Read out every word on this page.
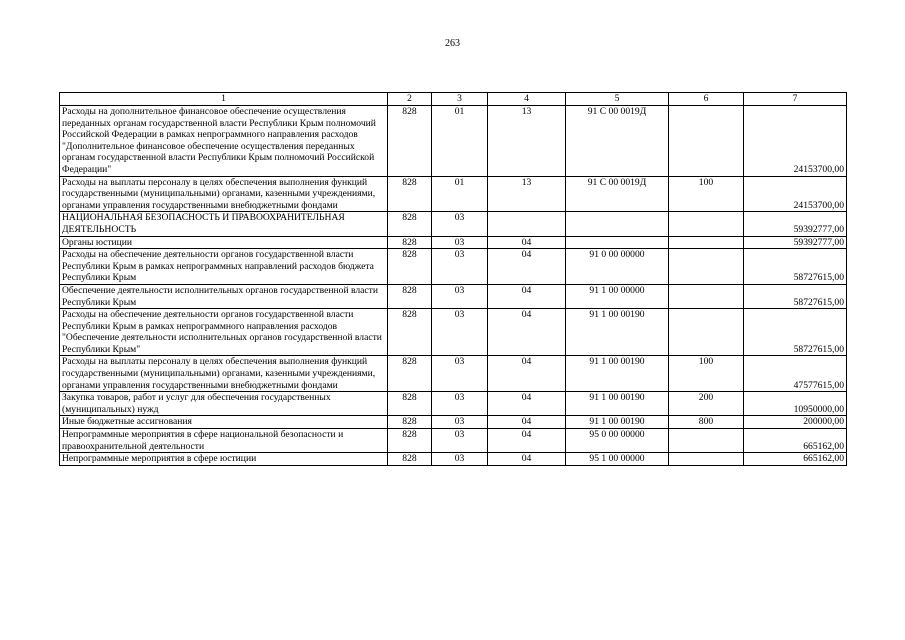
263
1	2	3	4	5	6	7
Расходы на дополнительное финансовое обеспечение осуществления переданных органам государственной власти Республики Крым полномочий Российской Федерации в рамках непрограммного направления расходов "Дополнительное финансовое обеспечение осуществления переданных органам государственной власти Республики Крым полномочий Российской Федерации"	828	01	13	91 С 00 0019Д		24153700,00
Расходы на выплаты персоналу в целях обеспечения выполнения функций государственными (муниципальными) органами, казенными учреждениями, органами управления государственными внебюджетными фондами	828	01	13	91 С 00 0019Д	100	24153700,00
НАЦИОНАЛЬНАЯ БЕЗОПАСНОСТЬ И ПРАВООХРАНИТЕЛЬНАЯ ДЕЯТЕЛЬНОСТЬ	828	03				59392777,00
Органы юстиции	828	03	04			59392777,00
Расходы на обеспечение деятельности органов государственной власти Республики Крым в рамках непрограммных направлений расходов бюджета Республики Крым	828	03	04	91 0 00 00000		58727615,00
Обеспечение деятельности исполнительных органов государственной власти Республики Крым	828	03	04	91 1 00 00000		58727615,00
Расходы на обеспечение деятельности органов государственной власти Республики Крым в рамках непрограммного направления расходов "Обеспечение деятельности исполнительных органов государственной власти Республики Крым"	828	03	04	91 1 00 00190		58727615,00
Расходы на выплаты персоналу в целях обеспечения выполнения функций государственными (муниципальными) органами, казенными учреждениями, органами управления государственными внебюджетными фондами	828	03	04	91 1 00 00190	100	47577615,00
Закупка товаров, работ и услуг для обеспечения государственных (муниципальных) нужд	828	03	04	91 1 00 00190	200	10950000,00
Иные бюджетные ассигнования	828	03	04	91 1 00 00190	800	200000,00
Непрограммные мероприятия в сфере национальной безопасности и правоохранительной деятельности	828	03	04	95 0 00 00000		665162,00
Непрограммные мероприятия в сфере юстиции	828	03	04	95 1 00 00000		665162,00
